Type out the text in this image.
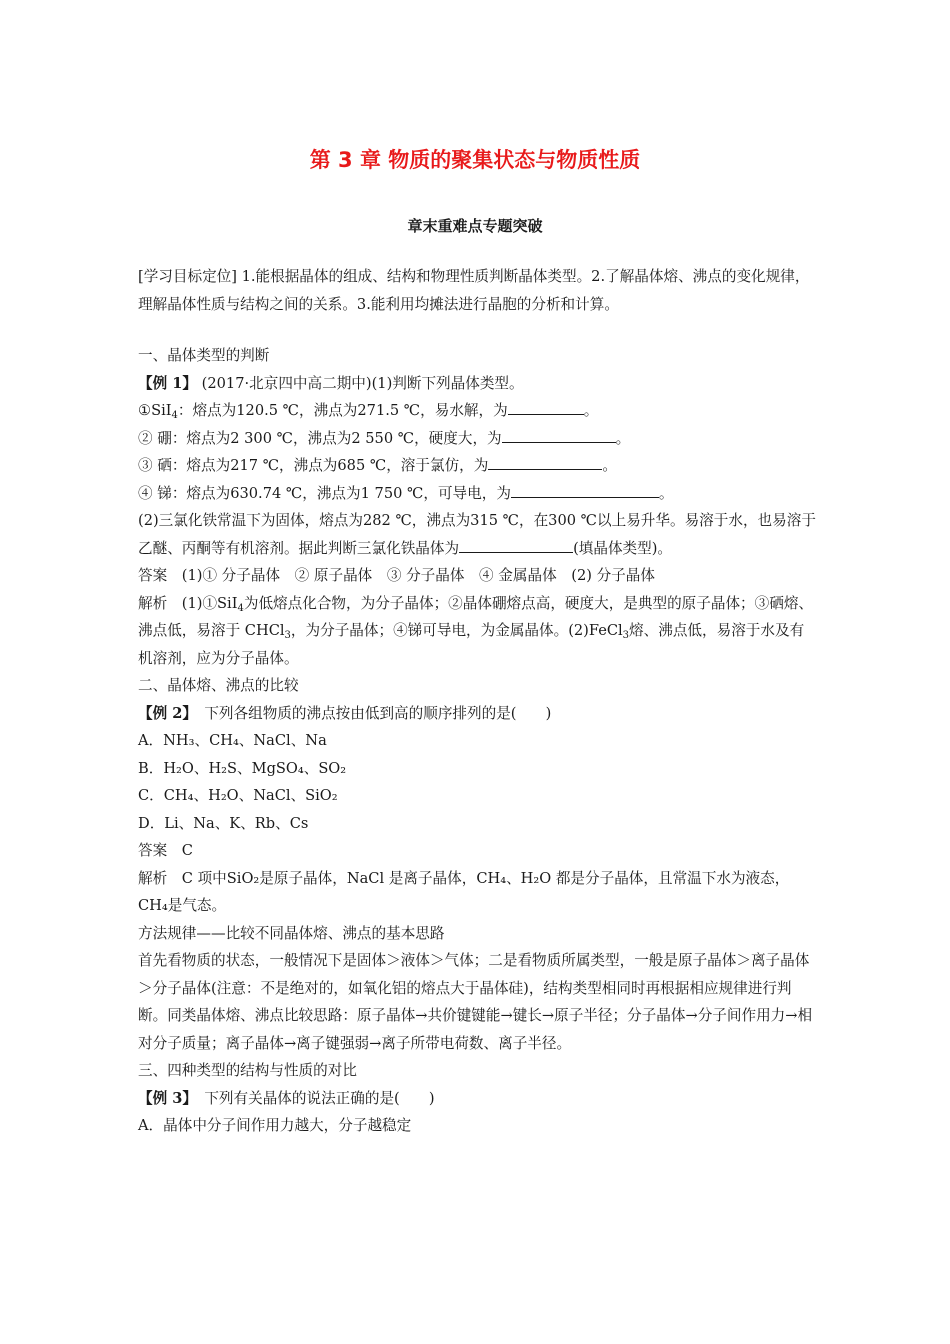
第 3 章 物质的聚集状态与物质性质
章末重难点专题突破

[学习目标定位] 1.能根据晶体的组成、结构和物理性质判断晶体类型。2.了解晶体熔、沸点的变化规律，理解晶体性质与结构之间的关系。3.能利用均摊法进行晶胞的分析和计算。

一、晶体类型的判断

【例 1】 (2017·北京四中高二期中)(1)判断下列晶体类型。

①SiI$_4$：熔点为120.5 ℃，沸点为271.5 ℃，易水解，为	。

② 硼：熔点为2 300 ℃，沸点为2 550 ℃，硬度大，为	。

③ 硒：熔点为217 ℃，沸点为685 ℃，溶于氯仿，为	。

④ 锑：熔点为630.74 ℃，沸点为1 750 ℃，可导电，为	。

(2)三氯化铁常温下为固体，熔点为282 ℃，沸点为315 ℃，在300 ℃以上易升华。易溶于水，也易溶于乙醚、丙酮等有机溶剂。据此判断三氯化铁晶体为	(填晶体类型)。

答案　(1)① 分子晶体　② 原子晶体　③ 分子晶体　④ 金属晶体　(2) 分子晶体

解析　(1)①SiI$_4$为低熔点化合物，为分子晶体；②晶体硼熔点高，硬度大，是典型的原子晶体；③硒熔、沸点低，易溶于 CHCl$_3$，为分子晶体；④锑可导电，为金属晶体。(2)FeCl$_3$熔、沸点低，易溶于水及有机溶剂，应为分子晶体。

二、晶体熔、沸点的比较

【例 2】　下列各组物质的沸点按由低到高的顺序排列的是(　　)

A．NH₃、CH₄、NaCl、Na

B．H₂O、H₂S、MgSO₄、SO₂

C．CH₄、H₂O、NaCl、SiO₂

D．Li、Na、K、Rb、Cs

答案　C

解析　C 项中SiO₂是原子晶体，NaCl 是离子晶体，CH₄、H₂O 都是分子晶体，且常温下水为液态，CH₄是气态。

方法规律——比较不同晶体熔、沸点的基本思路

首先看物质的状态，一般情况下是固体＞液体＞气体；二是看物质所属类型，一般是原子晶体＞离子晶体＞分子晶体(注意：不是绝对的，如氧化铝的熔点大于晶体硅)，结构类型相同时再根据相应规律进行判断。同类晶体熔、沸点比较思路：原子晶体→共价键键能→键长→原子半径；分子晶体→分子间作用力→相对分子质量；离子晶体→离子键强弱→离子所带电荷数、离子半径。

三、四种类型的结构与性质的对比

【例 3】　下列有关晶体的说法正确的是(　　)

A．晶体中分子间作用力越大，分子越稳定
